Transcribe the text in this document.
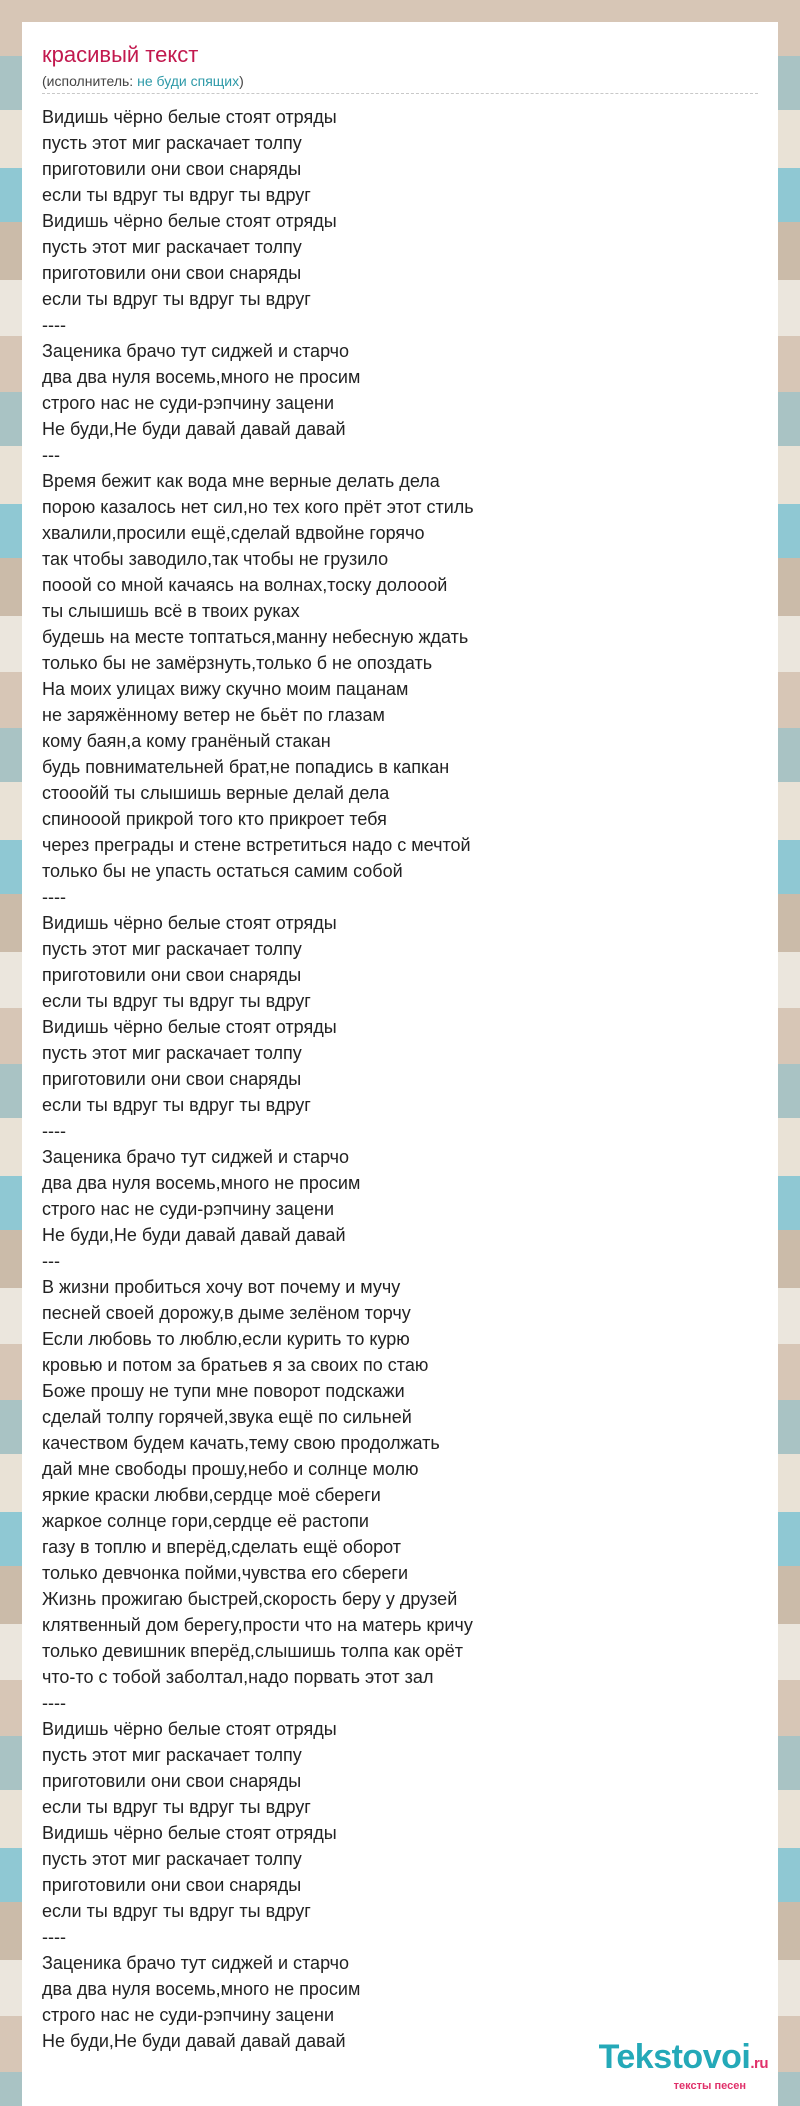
красивый текст
(исполнитель: не буди спящих)
Видишь чёрно белые стоят отряды
пусть этот миг раскачает толпу
приготовили они свои снаряды
если ты вдруг ты вдруг ты вдруг
Видишь чёрно белые стоят отряды
пусть этот миг раскачает толпу
приготовили они свои снаряды
если ты вдруг ты вдруг ты вдруг
----
Заценика брачо тут сиджей и старчо
два два нуля восемь,много не просим
строго нас не суди-рэпчину зацени
Не буди,Не буди давай давай давай
---
Время бежит как вода мне верные делать дела
порою казалось нет сил,но тех кого прёт этот стиль
хвалили,просили ещё,сделай вдвойне горячо
так чтобы заводило,так чтобы не грузило
пооой со мной качаясь на волнах,тоску долооой
ты слышишь всё в твоих руках
будешь на месте топтаться,манну небесную ждать
только бы не замёрзнуть,только б не опоздать
На моих улицах вижу скучно моим пацанам
не заряжённому ветер не бьёт по глазам
кому баян,а кому гранёный стакан
будь повнимательней брат,не попадись в капкан
стооойй ты слышишь верные делай дела
спинооой прикрой того кто прикроет тебя
через преграды и стене встретиться надо с мечтой
только бы не упасть остаться самим собой
----
Видишь чёрно белые стоят отряды
пусть этот миг раскачает толпу
приготовили они свои снаряды
если ты вдруг ты вдруг ты вдруг
Видишь чёрно белые стоят отряды
пусть этот миг раскачает толпу
приготовили они свои снаряды
если ты вдруг ты вдруг ты вдруг
----
Заценика брачо тут сиджей и старчо
два два нуля восемь,много не просим
строго нас не суди-рэпчину зацени
Не буди,Не буди давай давай давай
---
В жизни пробиться хочу вот почему и мучу
песней своей дорожу,в дыме зелёном торчу
Если любовь то люблю,если курить то курю
кровью и потом за братьев я за своих по стаю
Боже прошу не тупи мне поворот подскажи
сделай толпу горячей,звука ещё по сильней
качеством будем качать,тему свою продолжать
дай мне свободы прошу,небо и солнце молю
яркие краски любви,сердце моё сбереги
жаркое солнце гори,сердце её растопи
газу в топлю и вперёд,сделать ещё оборот
только девчонка пойми,чувства его сбереги
Жизнь прожигаю быстрей,скорость беру у друзей
клятвенный дом берегу,прости что на матерь кричу
только девишник вперёд,слышишь толпа как орёт
что-то с тобой заболтал,надо порвать этот зал
----
Видишь чёрно белые стоят отряды
пусть этот миг раскачает толпу
приготовили они свои снаряды
если ты вдруг ты вдруг ты вдруг
Видишь чёрно белые стоят отряды
пусть этот миг раскачает толпу
приготовили они свои снаряды
если ты вдруг ты вдруг ты вдруг
----
Заценика брачо тут сиджей и старчо
два два нуля восемь,много не просим
строго нас не суди-рэпчину зацени
Не буди,Не буди давай давай давай	Tekstovoi.ru
тексты песен
